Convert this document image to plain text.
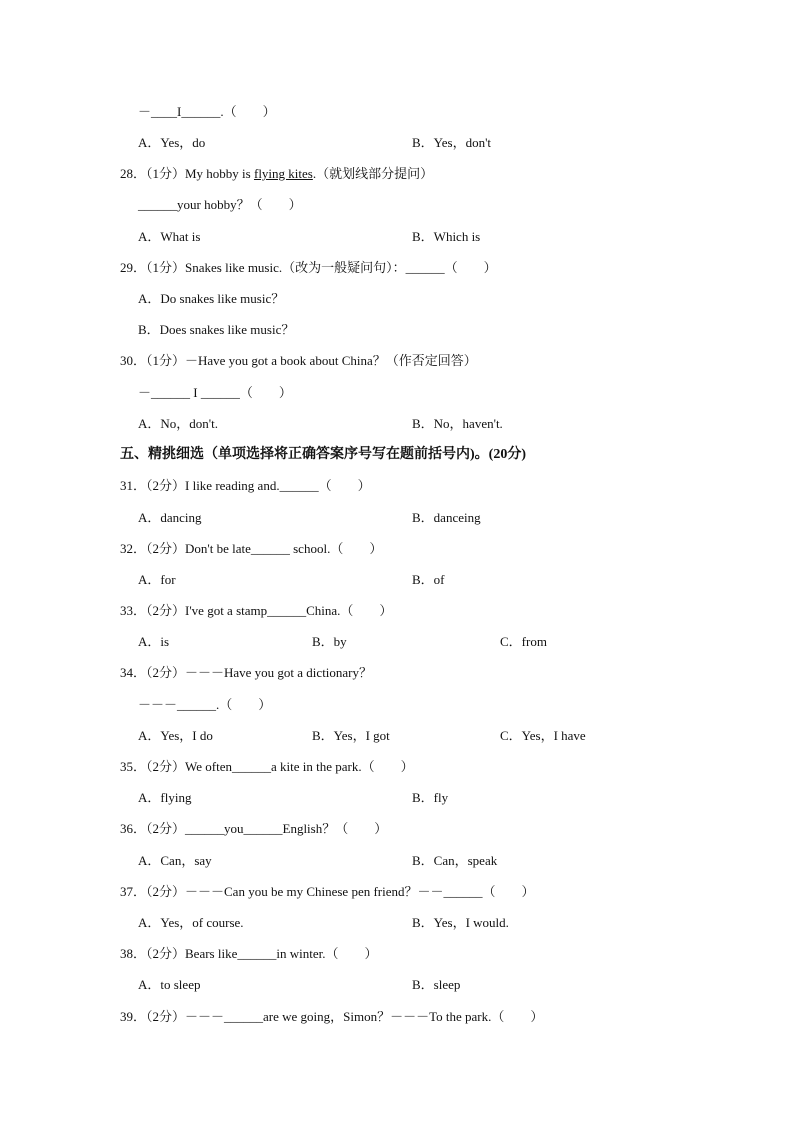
－____I______.（　　）
A．Yes，do	B．Yes，don't
28．（1分）My hobby is flying kites.（就划线部分提问）
______your hobby？（　　）
A．What is	B．Which is
29．（1分）Snakes like music.（改为一般疑问句）：______（　　）
A．Do snakes like music？
B．Does snakes like music？
30．（1分）－Have you got a book about China？（作否定回答）
－______ I ______（　　）
A．No，don't.	B．No，haven't.
五、精挑细选（单项选择将正确答案序号写在题前括号内)。(20分)
31．（2分）I like reading and.______（　　）
A．dancing	B．danceing
32．（2分）Don't be late______ school.（　　）
A．for	B．of
33．（2分）I've got a stamp______China.（　　）
A．is	B．by	C．from
34．（2分）－－－Have you got a dictionary？
－－－______.（　　）
A．Yes，I do	B．Yes，I got	C．Yes，I have
35．（2分）We often______a kite in the park.（　　）
A．flying	B．fly
36．（2分）______you______English？（　　）
A．Can，say	B．Can，speak
37．（2分）－－－Can you be my Chinese pen friend？－－______（　　）
A．Yes，of course.	B．Yes，I would.
38．（2分）Bears like______in winter.（　　）
A．to sleep	B．sleep
39．（2分）－－－______are we going，Simon？－－－To the park.（　　）
